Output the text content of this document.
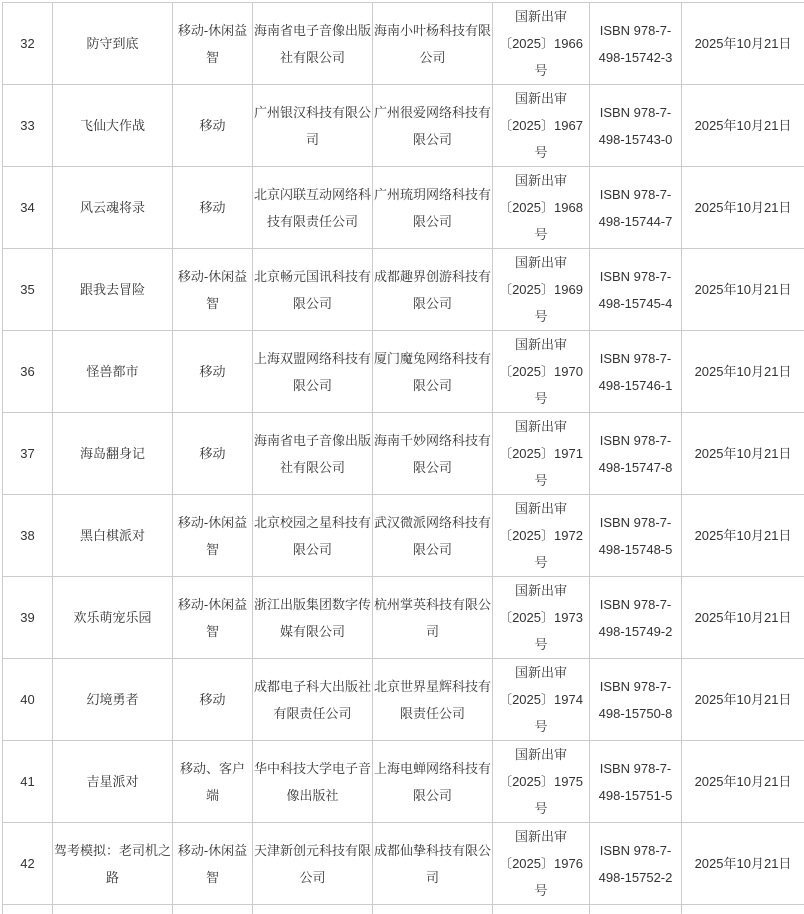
32	防守到底	移动-休闲益智	海南省电子音像出版社有限公司	海南小叶杨科技有限公司	国新出审〔2025〕1966号	ISBN 978-7-498-15742-3	2025年10月21日
33	飞仙大作战	移动	广州银汉科技有限公司	广州很爱网络科技有限公司	国新出审〔2025〕1967号	ISBN 978-7-498-15743-0	2025年10月21日
34	风云魂将录	移动	北京闪联互动网络科技有限责任公司	广州琉玥网络科技有限公司	国新出审〔2025〕1968号	ISBN 978-7-498-15744-7	2025年10月21日
35	跟我去冒险	移动-休闲益智	北京畅元国讯科技有限公司	成都趣界创游科技有限公司	国新出审〔2025〕1969号	ISBN 978-7-498-15745-4	2025年10月21日
36	怪兽都市	移动	上海双盟网络科技有限公司	厦门魔兔网络科技有限公司	国新出审〔2025〕1970号	ISBN 978-7-498-15746-1	2025年10月21日
37	海岛翻身记	移动	海南省电子音像出版社有限公司	海南千妙网络科技有限公司	国新出审〔2025〕1971号	ISBN 978-7-498-15747-8	2025年10月21日
38	黑白棋派对	移动-休闲益智	北京校园之星科技有限公司	武汉微派网络科技有限公司	国新出审〔2025〕1972号	ISBN 978-7-498-15748-5	2025年10月21日
39	欢乐萌宠乐园	移动-休闲益智	浙江出版集团数字传媒有限公司	杭州掌英科技有限公司	国新出审〔2025〕1973号	ISBN 978-7-498-15749-2	2025年10月21日
40	幻境勇者	移动	成都电子科大出版社有限责任公司	北京世界星辉科技有限责任公司	国新出审〔2025〕1974号	ISBN 978-7-498-15750-8	2025年10月21日
41	吉星派对	移动、客户端	华中科技大学电子音像出版社	上海电蝉网络科技有限公司	国新出审〔2025〕1975号	ISBN 978-7-498-15751-5	2025年10月21日
42	驾考模拟：老司机之路	移动-休闲益智	天津新创元科技有限公司	成都仙挚科技有限公司	国新出审〔2025〕1976号	ISBN 978-7-498-15752-2	2025年10月21日
